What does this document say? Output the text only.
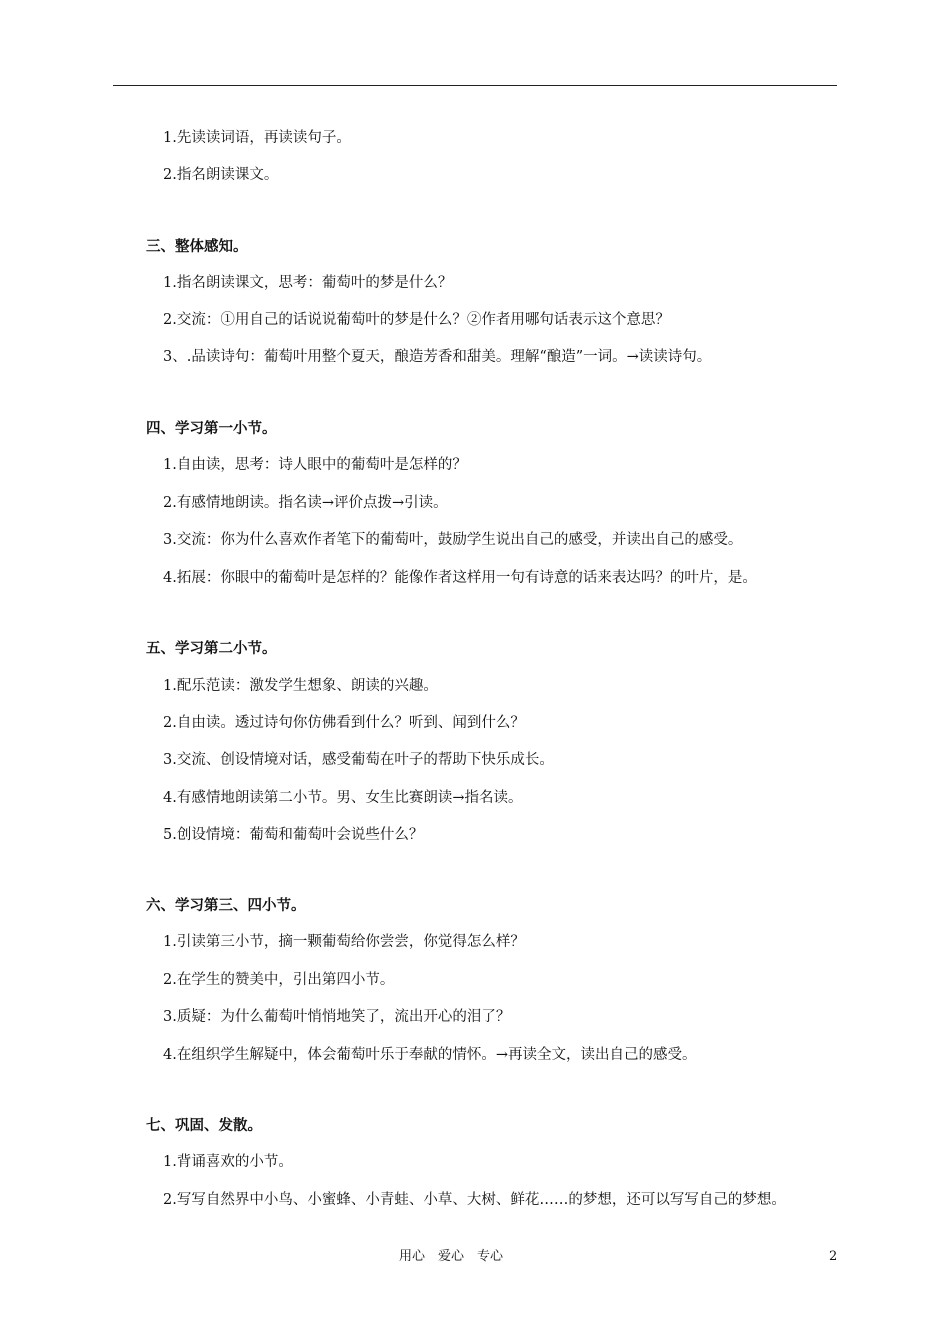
1.先读读词语，再读读句子。
2.指名朗读课文。
三、整体感知。
1.指名朗读课文，思考：葡萄叶的梦是什么？
2.交流：①用自己的话说说葡萄叶的梦是什么？②作者用哪句话表示这个意思？
3、.品读诗句：葡萄叶用整个夏天，酿造芳香和甜美。理解“酿造”一词。→读读诗句。
四、学习第一小节。
1.自由读，思考：诗人眼中的葡萄叶是怎样的？
2.有感情地朗读。指名读→评价点拨→引读。
3.交流：你为什么喜欢作者笔下的葡萄叶，鼓励学生说出自己的感受，并读出自己的感受。
4.拓展：你眼中的葡萄叶是怎样的？能像作者这样用一句有诗意的话来表达吗？的叶片，是。
五、学习第二小节。
1.配乐范读：激发学生想象、朗读的兴趣。
2.自由读。透过诗句你仿佛看到什么？听到、闻到什么？
3.交流、创设情境对话，感受葡萄在叶子的帮助下快乐成长。
4.有感情地朗读第二小节。男、女生比赛朗读→指名读。
5.创设情境：葡萄和葡萄叶会说些什么？
六、学习第三、四小节。
1.引读第三小节，摘一颗葡萄给你尝尝，你觉得怎么样？
2.在学生的赞美中，引出第四小节。
3.质疑：为什么葡萄叶悄悄地笑了，流出开心的泪了？
4.在组织学生解疑中，体会葡萄叶乐于奉献的情怀。→再读全文，读出自己的感受。
七、巩固、发散。
1.背诵喜欢的小节。
2.写写自然界中小鸟、小蜜蜂、小青蛙、小草、大树、鲜花……的梦想，还可以写写自己的梦想。
用心　爱心　专心	2
